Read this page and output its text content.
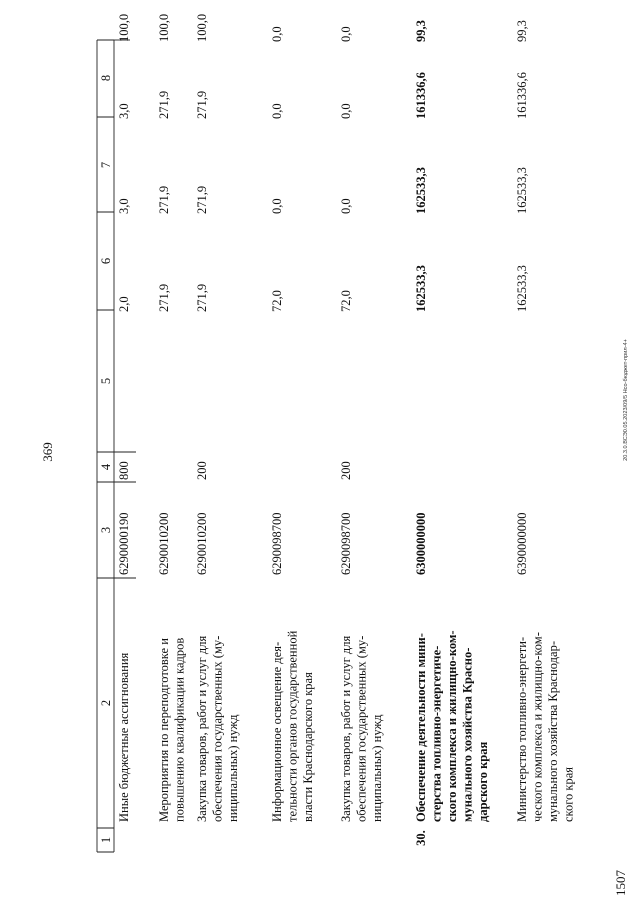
369
1507
20.3.0.ВСЭ0.05.2023/09/5 Нсо-бюджет-прил-4+
8
7
6
5
4
3
2
1
Иные бюджетные ассигнования
6290000190
800
2,0
3,0
3,0
100,0
Мероприятия по переподготовке и повышению квалификации кадров
6290010200
271,9
271,9
271,9
100,0
Закупка товаров, работ и услуг для обеспечения государственных (му- ниципальных) нужд
6290010200
200
271,9
271,9
271,9
100,0
Информационное освещение дея- тельности органов государственной власти Краснодарского края
6290098700
72,0
0,0
0,0
0,0
Закупка товаров, работ и услуг для обеспечения государственных (му- ниципальных) нужд
6290098700
200
72,0
0,0
0,0
0,0
30.
Обеспечение деятельности мини- стерства топливно-энергетиче- ского комплекса и жилищно-ком- мунального хозяйства Красно- дарского края
6300000000
162533,3
162533,3
161336,6
99,3
Министерство топливно-энергети- ческого комплекса и жилищно-ком- мунального хозяйства Краснодар- ского края
6390000000
162533,3
162533,3
161336,6
99,3
